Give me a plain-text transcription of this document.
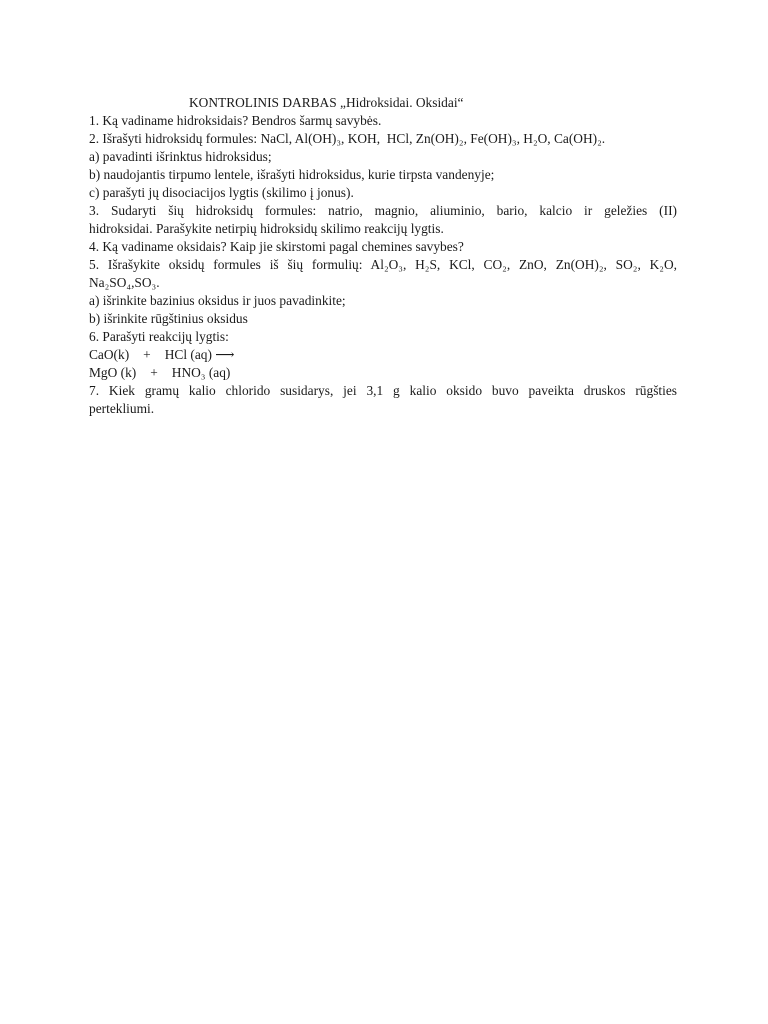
KONTROLINIS DARBAS „Hidroksidai. Oksidai“
1. Ką vadiname hidroksidais? Bendros šarmų savybės.
2. Išrašyti hidroksidų formules: NaCl, Al(OH)₃, KOH,  HCl, Zn(OH)₂, Fe(OH)₃, H₂O, Ca(OH)₂.
a) pavadinti išrinktus hidroksidus;
b) naudojantis tirpumo lentele, išrašyti hidroksidus, kurie tirpsta vandenyje;
c) parašyti jų disociacijos lygtis (skilimo į jonus).
3. Sudaryti šių hidroksidų formules: natrio, magnio, aliuminio, bario, kalcio ir geležies (II)
hidroksidai. Parašykite netirpių hidroksidų skilimo reakcijų lygtis.
4. Ką vadiname oksidais? Kaip jie skirstomi pagal chemines savybes?
5. Išrašykite oksidų formules iš šių formulių: Al₂O₃, H₂S, KCl, CO₂, ZnO, Zn(OH)₂, SO₂, K₂O,
Na₂SO₄,SO₃.
a) išrinkite bazinius oksidus ir juos pavadinkite;
b) išrinkite rūgštinius oksidus
6. Parašyti reakcijų lygtis:
CaO(k) + HCl (aq) ⟶
MgO (k) + HNO₃ (aq)
7. Kiek gramų kalio chlorido susidarys, jei 3,1 g kalio oksido buvo paveikta druskos rūgšties
pertekliumi.
